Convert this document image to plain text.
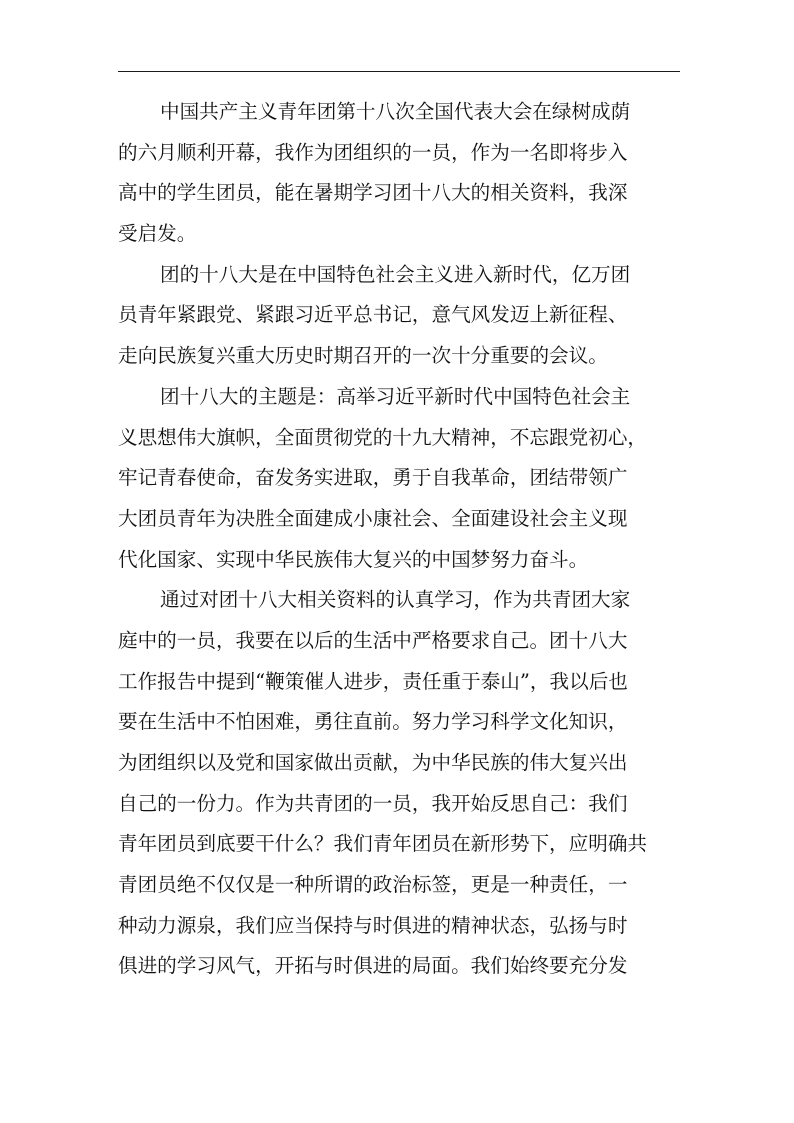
中国共产主义青年团第十八次全国代表大会在绿树成荫
的六月顺利开幕，我作为团组织的一员，作为一名即将步入
高中的学生团员，能在暑期学习团十八大的相关资料，我深
受启发。
团的十八大是在中国特色社会主义进入新时代，亿万团
员青年紧跟党、紧跟习近平总书记，意气风发迈上新征程、
走向民族复兴重大历史时期召开的一次十分重要的会议。
团十八大的主题是：高举习近平新时代中国特色社会主
义思想伟大旗帜，全面贯彻党的十九大精神，不忘跟党初心，
牢记青春使命，奋发务实进取，勇于自我革命，团结带领广
大团员青年为决胜全面建成小康社会、全面建设社会主义现
代化国家、实现中华民族伟大复兴的中国梦努力奋斗。
通过对团十八大相关资料的认真学习，作为共青团大家
庭中的一员，我要在以后的生活中严格要求自己。团十八大
工作报告中提到“鞭策催人进步，责任重于泰山”，我以后也
要在生活中不怕困难，勇往直前。努力学习科学文化知识，
为团组织以及党和国家做出贡献，为中华民族的伟大复兴出
自己的一份力。作为共青团的一员，我开始反思自己：我们
青年团员到底要干什么？我们青年团员在新形势下，应明确共
青团员绝不仅仅是一种所谓的政治标签，更是一种责任，一
种动力源泉，我们应当保持与时俱进的精神状态，弘扬与时
俱进的学习风气，开拓与时俱进的局面。我们始终要充分发
